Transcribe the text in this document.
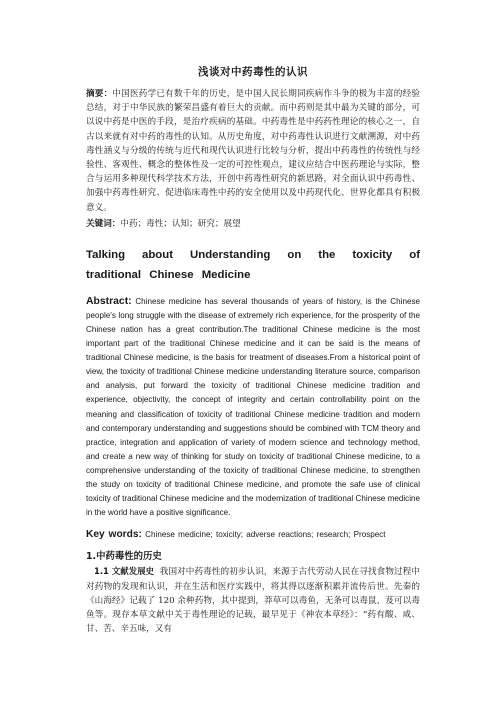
浅谈对中药毒性的认识

摘要：中国医药学已有数千年的历史，是中国人民长期同疾病作斗争的极为丰富的经验总结，对于中华民族的繁荣昌盛有着巨大的贡献。而中药则是其中最为关键的部分，可以说中药是中医的手段，是治疗疾病的基础。中药毒性是中药药性理论的核心之一，自古以来就有对中药的毒性的认知。从历史角度，对中药毒性认识进行文献溯源，对中药毒性涵义与分级的传统与近代和现代认识进行比较与分析，提出中药毒性的传统性与经验性、客观性、概念的整体性及一定的可控性观点，建议应结合中医药理论与实际，整合与运用多种现代科学技术方法，开创中药毒性研究的新思路，对全面认识中药毒性、加强中药毒性研究、促进临床毒性中药的安全使用以及中药现代化、世界化都具有积极意义。

关键词：中药；毒性；认知；研究；展望

Talking about Understanding on the toxicity of traditional Chinese Medicine

Abstract: Chinese medicine has several thousands of years of history, is the Chinese people's long struggle with the disease of extremely rich experience, for the prosperity of the Chinese nation has a great contribution.The traditional Chinese medicine is the most important part of the traditional Chinese medicine and it can be said is the means of traditional Chinese medicine, is the basis for treatment of diseases.From a historical point of view, the toxicity of traditional Chinese medicine understanding literature source, comparison and analysis, put forward the toxicity of traditional Chinese medicine tradition and experience, objectivity, the concept of integrity and certain controllability point on the meaning and classification of toxicity of traditional Chinese medicine tradition and modern and contemporary understanding and suggestions should be combined with TCM theory and practice, integration and application of variety of modern science and technology method, and create a new way of thinking for study on toxicity of traditional Chinese medicine, to a comprehensive understanding of the toxicity of traditional Chinese medicine, to strengthen the study on toxicity of traditional Chinese medicine, and promote the safe use of clinical toxicity of traditional Chinese medicine and the modernization of traditional Chinese medicine in the world have a positive significance.

Key words: Chinese medicine; toxicity; adverse reactions; research; Prospect

1.中药毒性的历史

1.1 文献发展史 我国对中药毒性的初步认识，来源于古代劳动人民在寻找食物过程中对药物的发现和认识，并在生活和医疗实践中，将其得以逐渐积累并流传后世。先秦的《山海经》记载了 120 余种药物，其中提到，莽草可以毒鱼，无条可以毒鼠，芨可以毒鱼等。现存本草文献中关于毒性理论的记载，最早见于《神农本草经》：“药有酸、咸、甘、苦、辛五味，又有
